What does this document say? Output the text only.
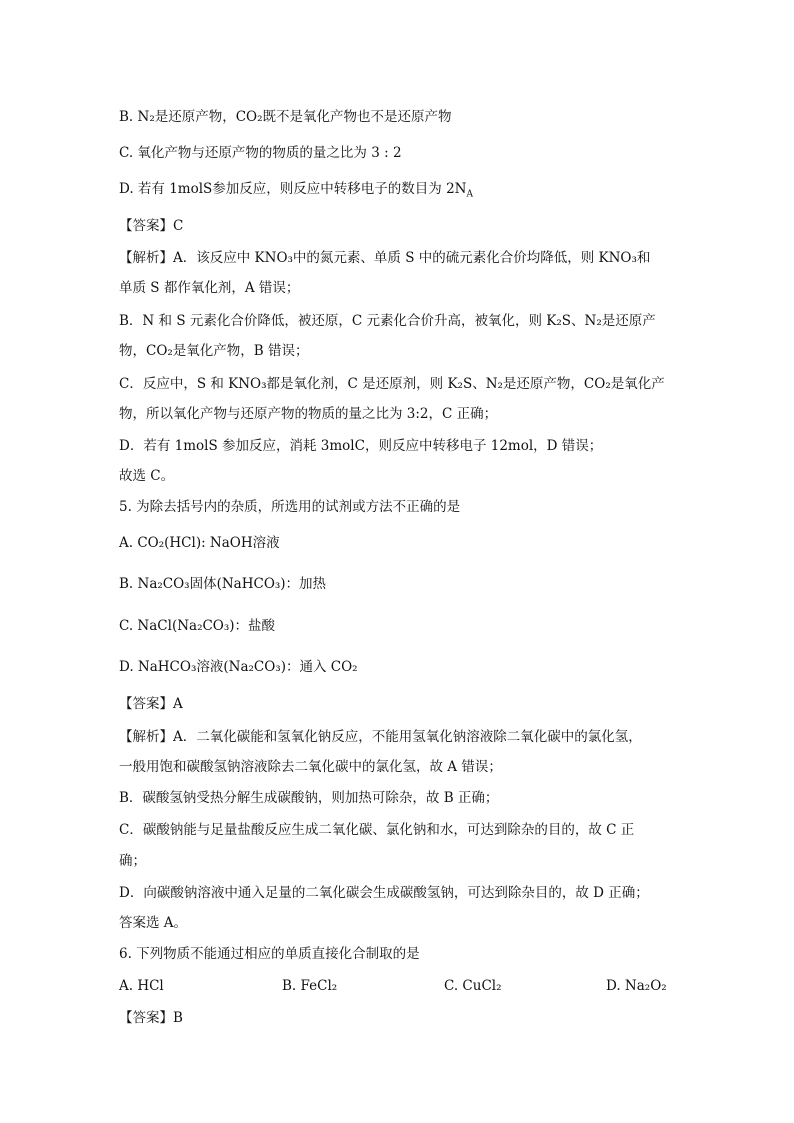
B. N₂是还原产物，CO₂既不是氧化产物也不是还原产物
C. 氧化产物与还原产物的物质的量之比为 3 : 2
D. 若有 1molS参加反应，则反应中转移电子的数目为 $2N_A$
【答案】C
【解析】A．该反应中 KNO₃中的氮元素、单质 S 中的硫元素化合价均降低，则 KNO₃和
单质 S 都作氧化剂，A 错误；
B．N 和 S 元素化合价降低，被还原，C 元素化合价升高，被氧化，则 K₂S、N₂是还原产
物，CO₂是氧化产物，B 错误；
C．反应中，S 和 KNO₃都是氧化剂，C 是还原剂，则 K₂S、N₂是还原产物，CO₂是氧化产
物，所以氧化产物与还原产物的物质的量之比为 3:2，C 正确；
D．若有 1molS 参加反应，消耗 3molC，则反应中转移电子 12mol，D 错误；
故选 C。
5. 为除去括号内的杂质，所选用的试剂或方法不正确的是
A. CO₂(HCl): NaOH溶液
B. Na₂CO₃固体(NaHCO₃)：加热
C. NaCl(Na₂CO₃)：盐酸
D. NaHCO₃溶液(Na₂CO₃)：通入 CO₂
【答案】A
【解析】A．二氧化碳能和氢氧化钠反应，不能用氢氧化钠溶液除二氧化碳中的氯化氢，
一般用饱和碳酸氢钠溶液除去二氧化碳中的氯化氢，故 A 错误；
B．碳酸氢钠受热分解生成碳酸钠，则加热可除杂，故 B 正确；
C．碳酸钠能与足量盐酸反应生成二氧化碳、氯化钠和水，可达到除杂的目的，故 C 正
确；
D．向碳酸钠溶液中通入足量的二氧化碳会生成碳酸氢钠，可达到除杂目的，故 D 正确；
答案选 A。
6. 下列物质不能通过相应的单质直接化合制取的是
A. HCl	B. FeCl₂	C. CuCl₂	D. Na₂O₂
【答案】B
